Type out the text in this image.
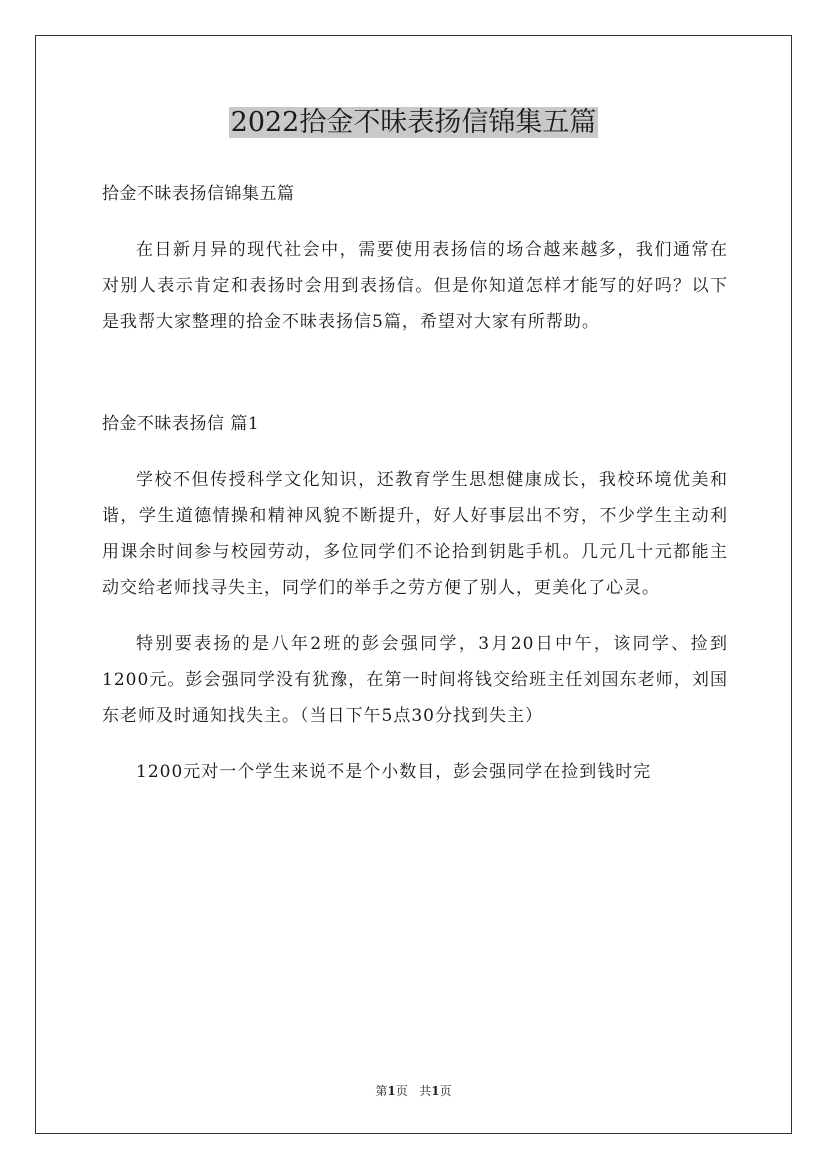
2022拾金不昧表扬信锦集五篇

拾金不昧表扬信锦集五篇

在日新月异的现代社会中，需要使用表扬信的场合越来越多，我们通常在对别人表示肯定和表扬时会用到表扬信。但是你知道怎样才能写的好吗？以下是我帮大家整理的拾金不昧表扬信5篇，希望对大家有所帮助。

拾金不昧表扬信 篇1

学校不但传授科学文化知识，还教育学生思想健康成长，我校环境优美和谐，学生道德情操和精神风貌不断提升，好人好事层出不穷，不少学生主动利用课余时间参与校园劳动，多位同学们不论拾到钥匙手机。几元几十元都能主动交给老师找寻失主，同学们的举手之劳方便了别人，更美化了心灵。

特别要表扬的是八年2班的彭会强同学，3月20日中午，该同学、捡到1200元。彭会强同学没有犹豫，在第一时间将钱交给班主任刘国东老师，刘国东老师及时通知找失主。（当日下午5点30分找到失主）

1200元对一个学生来说不是个小数目，彭会强同学在捡到钱时完

第1页 共1页
